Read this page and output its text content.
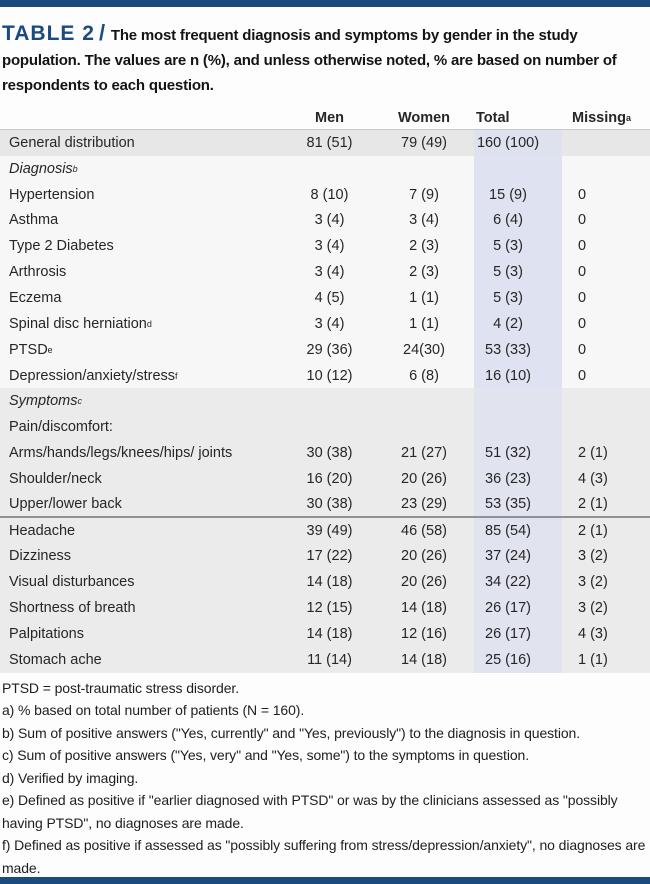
TABLE 2 / The most frequent diagnosis and symptoms by gender in the study population. The values are n (%), and unless otherwise noted, % are based on number of respondents to each question.
Men	Women	Total	Missing a
General distribution	81 (51)	79 (49)	160 (100)
Diagnosis b
Hypertension	8 (10)	7 (9)	15 (9)	0
Asthma	3 (4)	3 (4)	6 (4)	0
Type 2 Diabetes	3 (4)	2 (3)	5 (3)	0
Arthrosis	3 (4)	2 (3)	5 (3)	0
Eczema	4 (5)	1 (1)	5 (3)	0
Spinal disc herniation d	3 (4)	1 (1)	4 (2)	0
PTSD e	29 (36)	24(30)	53 (33)	0
Depression/anxiety/stress f	10 (12)	6 (8)	16 (10)	0
Symptoms c
Pain/discomfort:
Arms/hands/legs/knees/hips/ joints	30 (38)	21 (27)	51 (32)	2 (1)
Shoulder/neck	16 (20)	20 (26)	36 (23)	4 (3)
Upper/lower back	30 (38)	23 (29)	53 (35)	2 (1)
Headache	39 (49)	46 (58)	85 (54)	2 (1)
Dizziness	17 (22)	20 (26)	37 (24)	3 (2)
Visual disturbances	14 (18)	20 (26)	34 (22)	3 (2)
Shortness of breath	12 (15)	14 (18)	26 (17)	3 (2)
Palpitations	14 (18)	12 (16)	26 (17)	4 (3)
Stomach ache	11 (14)	14 (18)	25 (16)	1 (1)
PTSD = post-traumatic stress disorder.
a) % based on total number of patients (N = 160).
b) Sum of positive answers ("Yes, currently" and "Yes, previously") to the diagnosis in question.
c) Sum of positive answers ("Yes, very" and "Yes, some") to the symptoms in question.
d) Verified by imaging.
e) Defined as positive if "earlier diagnosed with PTSD" or was by the clinicians assessed as "possibly having PTSD", no diagnoses are made.
f) Defined as positive if assessed as "possibly suffering from stress/depression/anxiety", no diagnoses are made.
